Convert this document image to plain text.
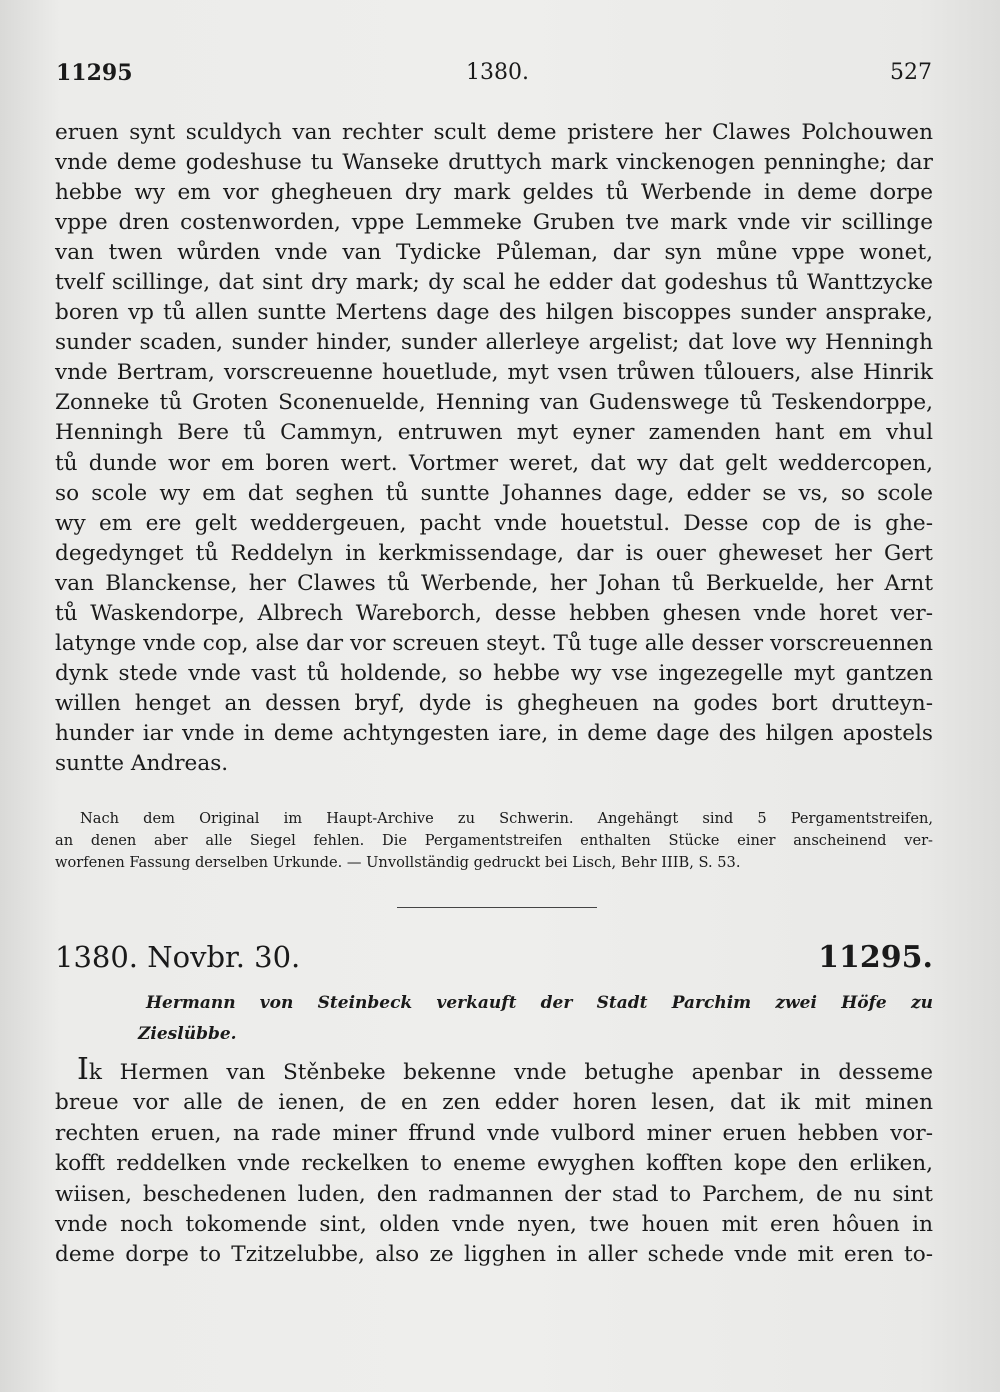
11295	1380.	527
eruen synt sculdych van rechter scult deme pristere her Clawes Polchouwen
vnde deme godeshuse tu Wanseke druttych mark vinckenogen penninghe; dar
hebbe wy em vor ghegheuen dry mark geldes tů Werbende in deme dorpe
vppe dren costenworden, vppe Lemmeke Gruben tve mark vnde vir scillinge
van twen wůrden vnde van Tydicke Půleman, dar syn můne vppe wonet,
tvelf scillinge, dat sint dry mark; dy scal he edder dat godeshus tů Wanttzycke
boren vp tů allen suntte Mertens dage des hilgen biscoppes sunder ansprake,
sunder scaden, sunder hinder, sunder allerleye argelist; dat love wy Henningh
vnde Bertram, vorscreuenne houetlude, myt vsen trůwen tůlouers, alse Hinrik
Zonneke tů Groten Sconenuelde, Henning van Gudenswege tů Teskendorppe,
Henningh Bere tů Cammyn, entruwen myt eyner zamenden hant em vhul
tů dunde wor em boren wert. Vortmer weret, dat wy dat gelt weddercopen,
so scole wy em dat seghen tů suntte Johannes dage, edder se vs, so scole
wy em ere gelt weddergeuen, pacht vnde houetstul. Desse cop de is ghe-
degedynget tů Reddelyn in kerkmissendage, dar is ouer gheweset her Gert
van Blanckense, her Clawes tů Werbende, her Johan tů Berkuelde, her Arnt
tů Waskendorpe, Albrech Wareborch, desse hebben ghesen vnde horet ver-
latynge vnde cop, alse dar vor screuen steyt. Tů tuge alle desser vorscreuennen
dynk stede vnde vast tů holdende, so hebbe wy vse ingezegelle myt gantzen
willen henget an dessen bryf, dyde is ghegheuen na godes bort drutteyn-
hunder iar vnde in deme achtyngesten iare, in deme dage des hilgen apostels
suntte Andreas.
Nach dem Original im Haupt-Archive zu Schwerin. Angehängt sind 5 Pergamentstreifen,
an denen aber alle Siegel fehlen. Die Pergamentstreifen enthalten Stücke einer anscheinend ver-
worfenen Fassung derselben Urkunde. — Unvollständig gedruckt bei Lisch, Behr IIIB, S. 53.
1380. Novbr. 30.	11295.
Hermann von Steinbeck verkauft der Stadt Parchim zwei Höfe zu
Zieslübbe.
Ik Hermen van Stěnbeke bekenne vnde betughe apenbar in desseme
breue vor alle de ienen, de en zen edder horen lesen, dat ik mit minen
rechten eruen, na rade miner ffrund vnde vulbord miner eruen hebben vor-
kofft reddelken vnde reckelken to eneme ewyghen kofften kope den erliken,
wiisen, beschedenen luden, den radmannen der stad to Parchem, de nu sint
vnde noch tokomende sint, olden vnde nyen, twe houen mit eren hôuen in
deme dorpe to Tzitzelubbe, also ze ligghen in aller schede vnde mit eren to-
